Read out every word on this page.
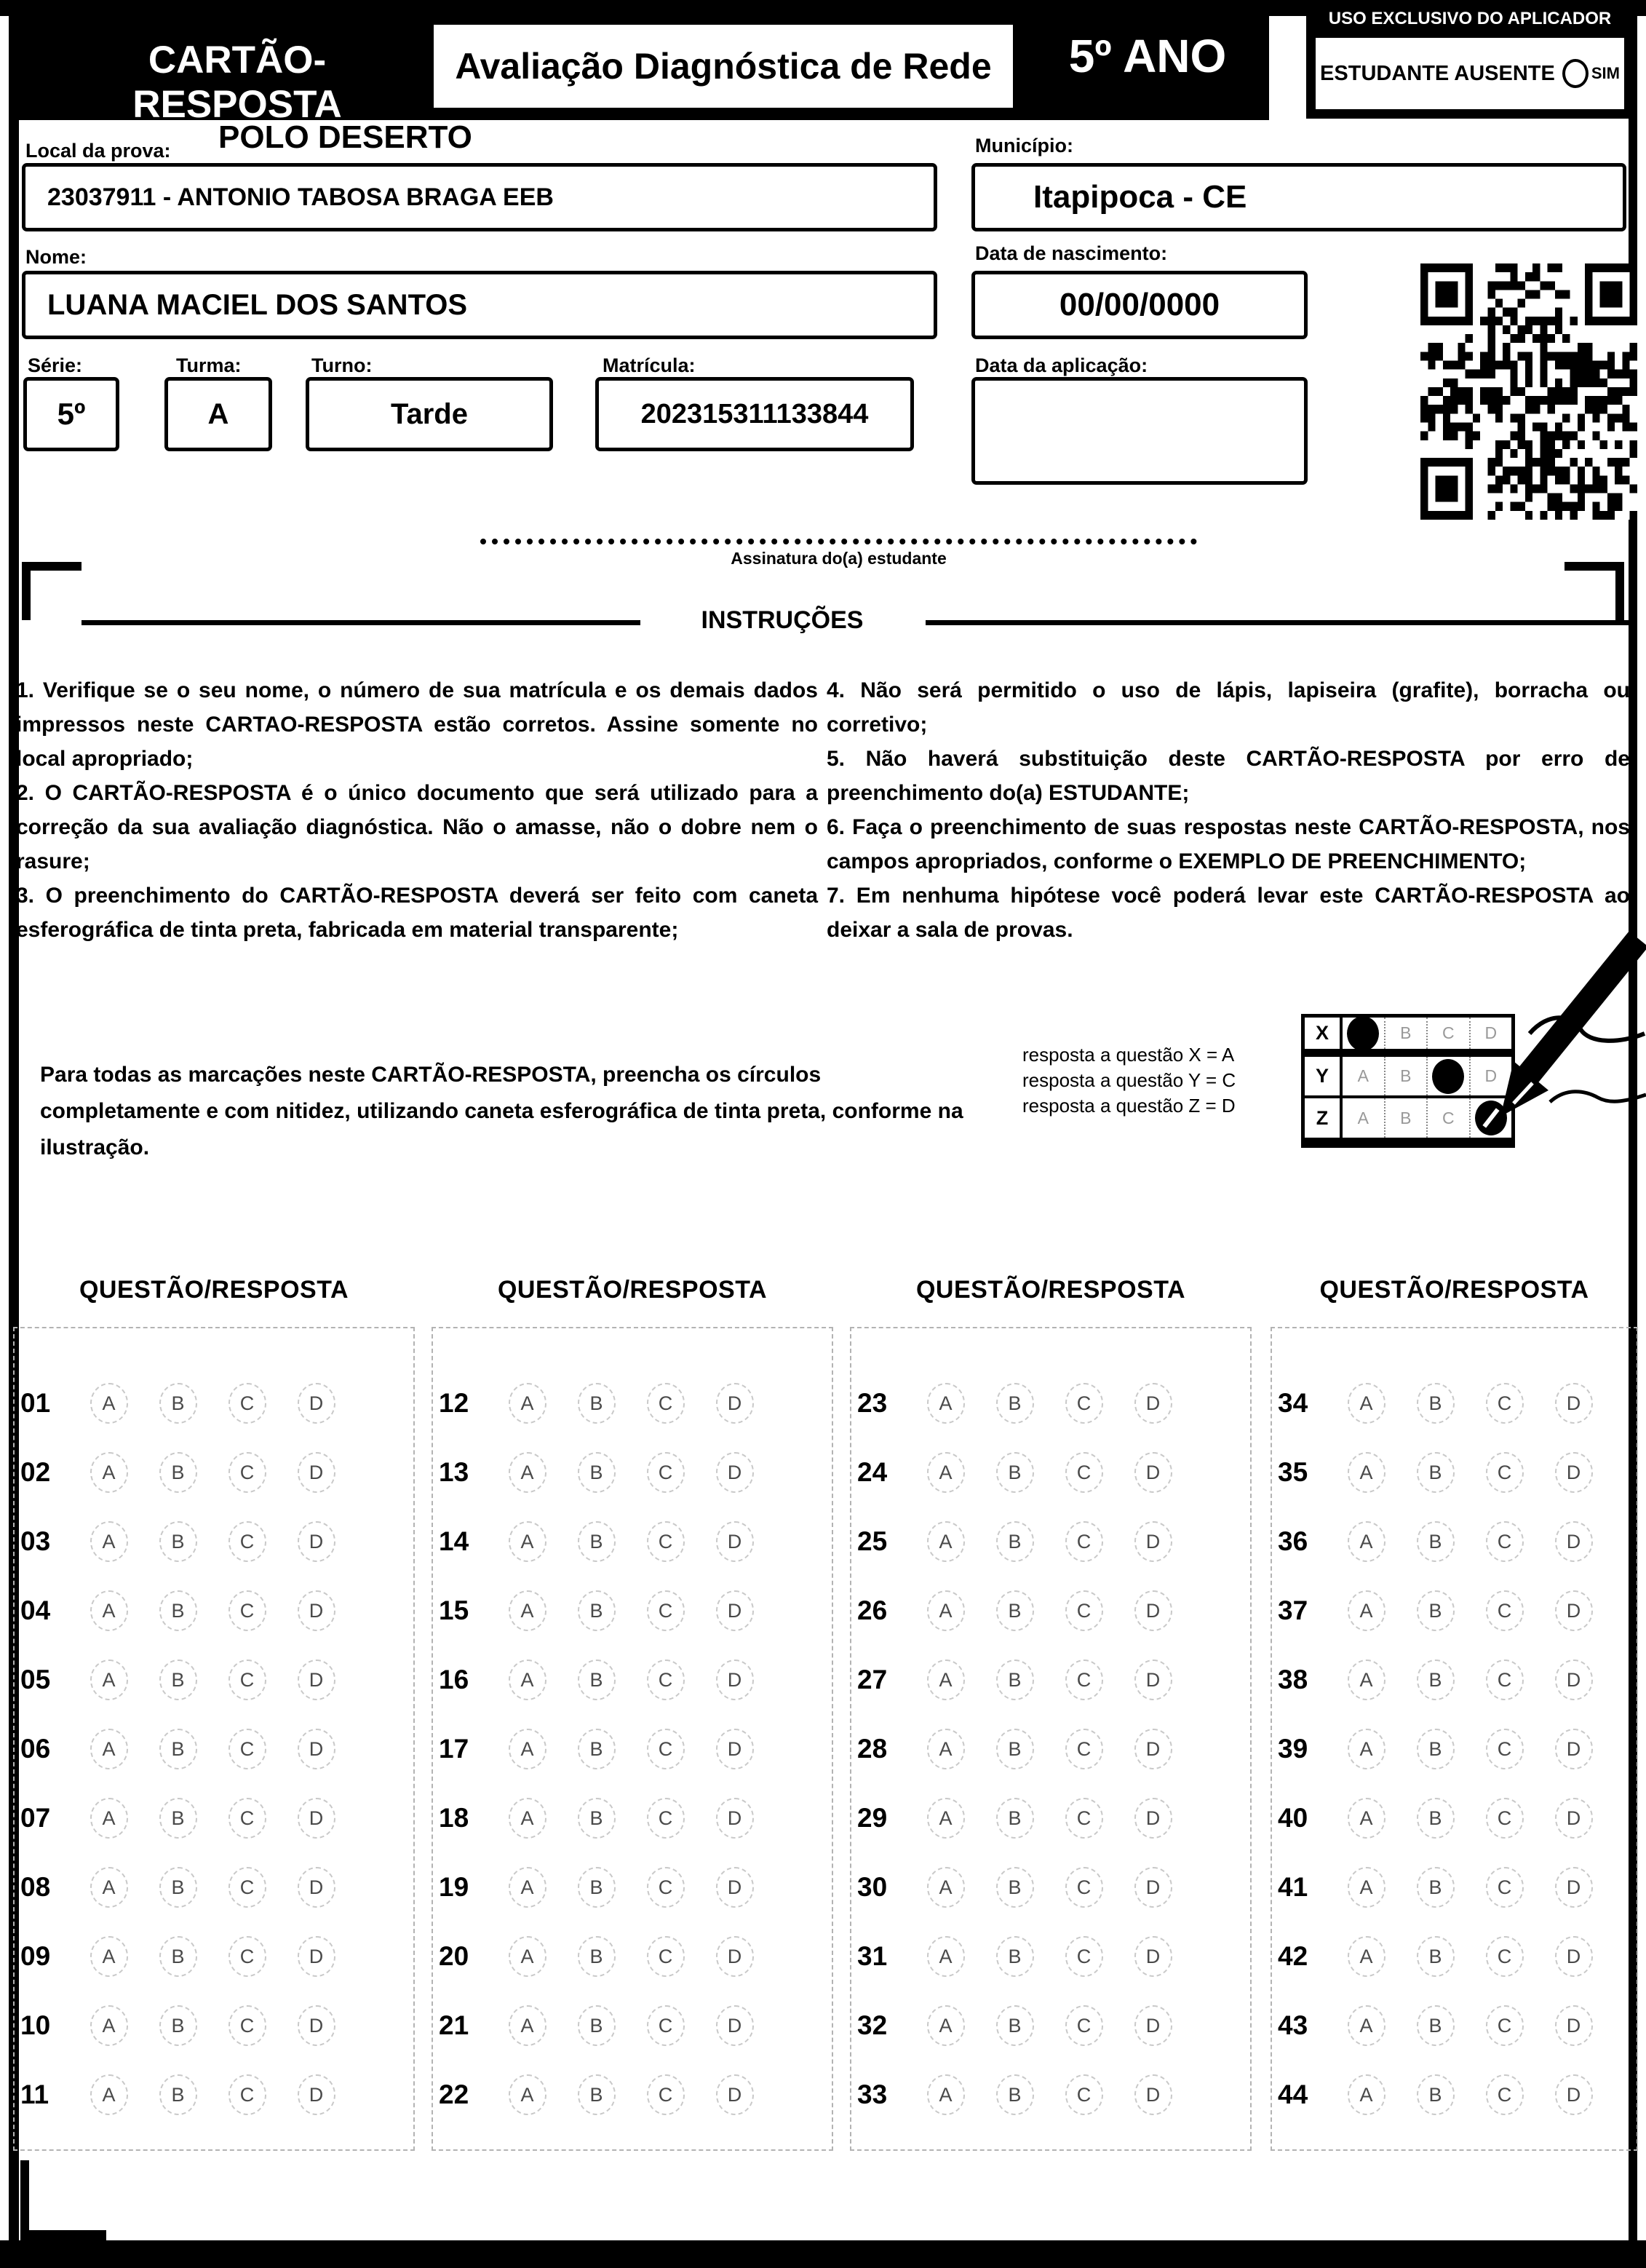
CARTÃO-RESPOSTA
Avaliação Diagnóstica de Rede	5º ANO
USO EXCLUSIVO DO APLICADOR
ESTUDANTE AUSENTE SIM
Local da prova: POLO DESERTO
23037911 - ANTONIO TABOSA BRAGA EEB
Município:
Itapipoca - CE
Nome:
LUANA MACIEL DOS SANTOS
Data de nascimento:
00/00/0000
Série:
5º
Turma:
A
Turno:
Tarde
Matrícula:
202315311133844
Data da aplicação:
Assinatura do(a) estudante
INSTRUÇÕES

1. Verifique se o seu nome, o número de sua matrícula e os demais dados impressos neste CARTAO-RESPOSTA estão corretos. Assine somente no local apropriado;

2. O CARTÃO-RESPOSTA é o único documento que será utilizado para a correção da sua avaliação diagnóstica. Não o amasse, não o dobre nem o rasure;

3. O preenchimento do CARTÃO-RESPOSTA deverá ser feito com caneta esferográfica de tinta preta, fabricada em material transparente;

4. Não será permitido o uso de lápis, lapiseira (grafite), borracha ou corretivo;

5. Não haverá substituição deste CARTÃO-RESPOSTA por erro de preenchimento do(a) ESTUDANTE;

6. Faça o preenchimento de suas respostas neste CARTÃO-RESPOSTA, nos campos apropriados, conforme o EXEMPLO DE PREENCHIMENTO;

7. Em nenhuma hipótese você poderá levar este CARTÃO-RESPOSTA ao deixar a sala de provas.

Para todas as marcações neste CARTÃO-RESPOSTA, preencha os círculos completamente e com nitidez, utilizando caneta esferográfica de tinta preta, conforme na ilustração.
resposta a questão X = A
resposta a questão Y = C
resposta a questão Z = D
X	B C D
Y	A B	D
Z	A B C
QUESTÃO/RESPOSTA
01	A	B	C	D
02	A	B	C	D
03	A	B	C	D
04	A	B	C	D
05	A	B	C	D
06	A	B	C	D
07	A	B	C	D
08	A	B	C	D
09	A	B	C	D
10	A	B	C	D
11	A	B	C	D
QUESTÃO/RESPOSTA
12	A	B	C	D
13	A	B	C	D
14	A	B	C	D
15	A	B	C	D
16	A	B	C	D
17	A	B	C	D
18	A	B	C	D
19	A	B	C	D
20	A	B	C	D
21	A	B	C	D
22	A	B	C	D
QUESTÃO/RESPOSTA
23	A	B	C	D
24	A	B	C	D
25	A	B	C	D
26	A	B	C	D
27	A	B	C	D
28	A	B	C	D
29	A	B	C	D
30	A	B	C	D
31	A	B	C	D
32	A	B	C	D
33	A	B	C	D
QUESTÃO/RESPOSTA
34	A	B	C	D
35	A	B	C	D
36	A	B	C	D
37	A	B	C	D
38	A	B	C	D
39	A	B	C	D
40	A	B	C	D
41	A	B	C	D
42	A	B	C	D
43	A	B	C	D
44	A	B	C	D
